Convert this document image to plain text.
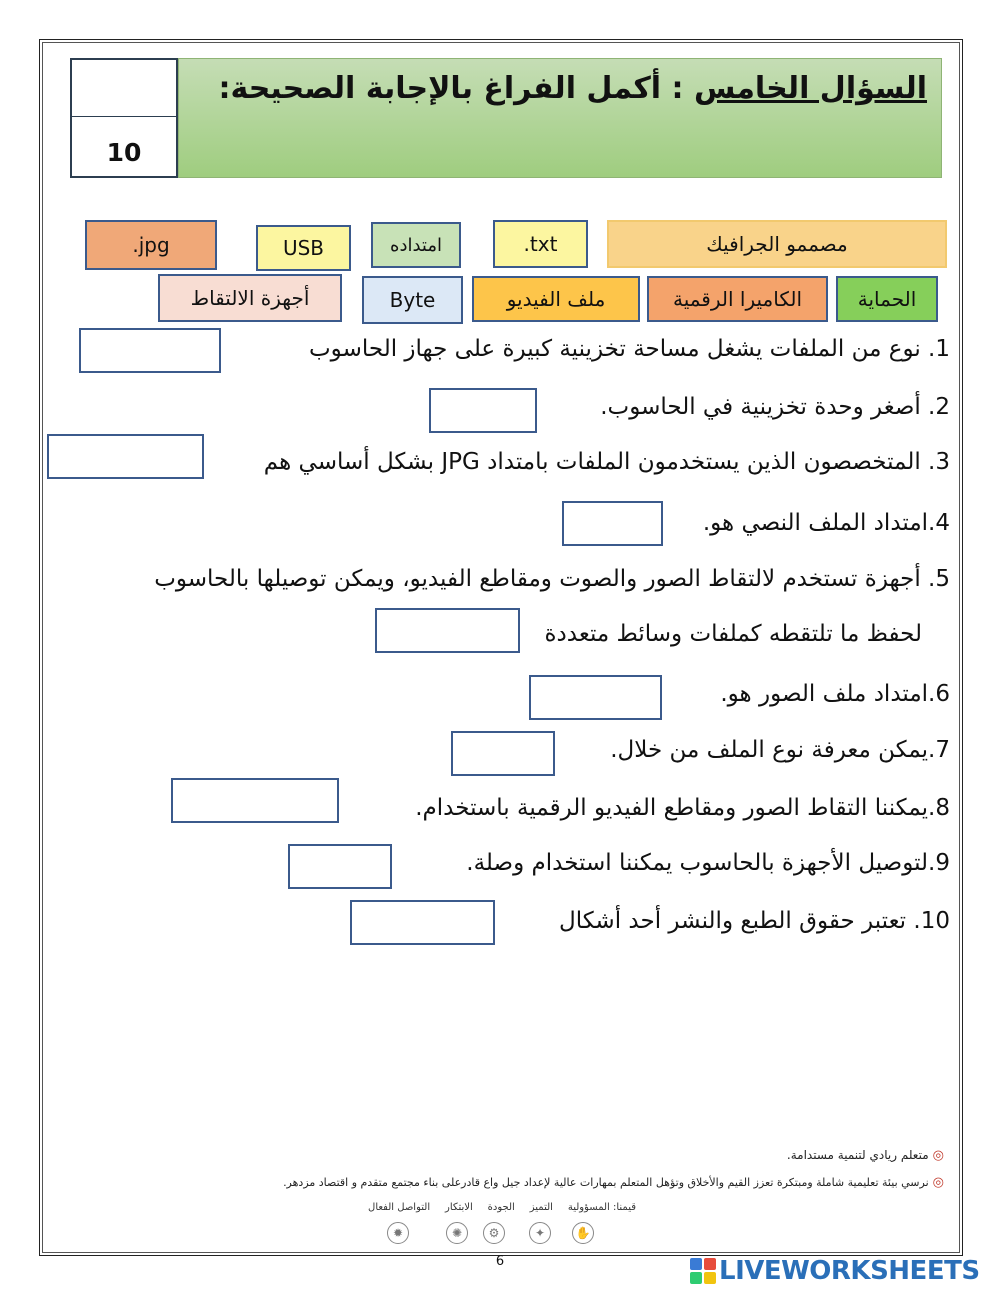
10
السؤال الخامس : أكمل الفراغ بالإجابة الصحيحة:
.jpg	USB	امتداده	.txt	مصممو الجرافيك
أجهزة الالتقاط	Byte	ملف الفيديو	الكاميرا الرقمية	الحماية
1. نوع من الملفات يشغل مساحة تخزينية كبيرة على جهاز الحاسوب
2. أصغر وحدة تخزينية في الحاسوب.
3. المتخصصون الذين يستخدمون الملفات بامتداد JPG بشكل أساسي هم
4.امتداد الملف النصي هو.
5. أجهزة تستخدم لالتقاط الصور والصوت ومقاطع الفيديو، ويمكن توصيلها بالحاسوب
لحفظ ما تلتقطه كملفات وسائط متعددة
6.امتداد ملف الصور هو.
7.يمكن معرفة نوع الملف من خلال.
8.يمكننا التقاط الصور ومقاطع الفيديو الرقمية باستخدام.
9.لتوصيل الأجهزة بالحاسوب يمكننا استخدام وصلة.
10. تعتبر حقوق الطبع والنشر أحد أشكال
◎متعلم ريادي لتنمية مستدامة.
◎نرسي بيئة تعليمية شاملة ومبتكرة تعزز القيم والأخلاق وتؤهل المتعلم بمهارات عالية لإعداد جيل واع قادرعلى بناء مجتمع متقدم و اقتصاد مزدهر.
قيمنا: المسؤولية
التميز
الجودة
الابتكار
التواصل الفعال
✋
✦
⚙
✺
✹
6	LIVEWORKSHEETS
